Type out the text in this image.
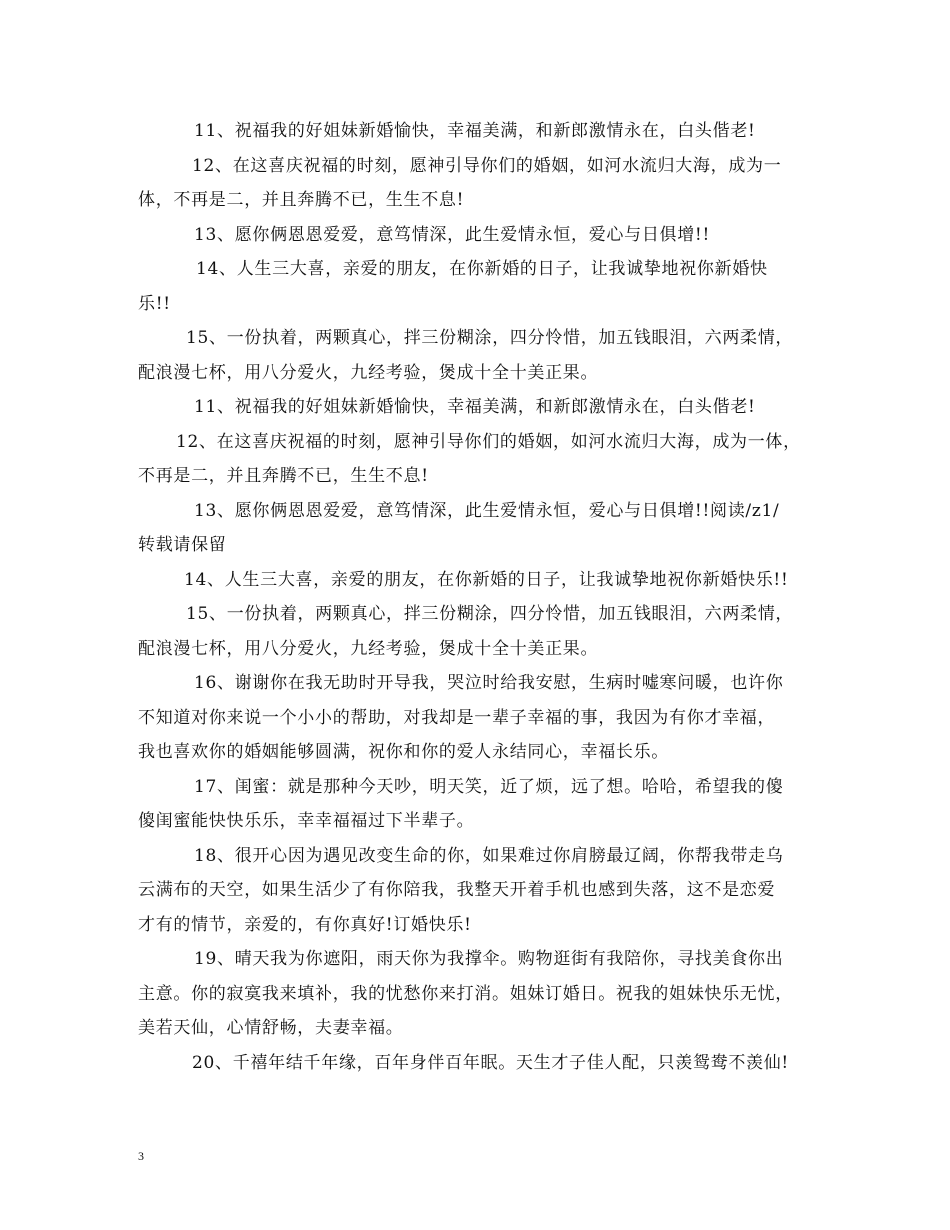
11、祝福我的好姐妹新婚愉快，幸福美满，和新郎激情永在，白头偕老!

12、在这喜庆祝福的时刻，愿神引导你们的婚姻，如河水流归大海，成为一

体，不再是二，并且奔腾不已，生生不息!

13、愿你俩恩恩爱爱，意笃情深，此生爱情永恒，爱心与日俱增!!

14、人生三大喜，亲爱的朋友，在你新婚的日子，让我诚挚地祝你新婚快

乐!!

15、一份执着，两颗真心，拌三份糊涂，四分怜惜，加五钱眼泪，六两柔情，

配浪漫七杯，用八分爱火，九经考验，煲成十全十美正果。

11、祝福我的好姐妹新婚愉快，幸福美满，和新郎激情永在，白头偕老!

12、在这喜庆祝福的时刻，愿神引导你们的婚姻，如河水流归大海，成为一体，

不再是二，并且奔腾不已，生生不息!

13、愿你俩恩恩爱爱，意笃情深，此生爱情永恒，爱心与日俱增!!阅读/z1/

转载请保留

14、人生三大喜，亲爱的朋友，在你新婚的日子，让我诚挚地祝你新婚快乐!!

15、一份执着，两颗真心，拌三份糊涂，四分怜惜，加五钱眼泪，六两柔情，

配浪漫七杯，用八分爱火，九经考验，煲成十全十美正果。

16、谢谢你在我无助时开导我，哭泣时给我安慰，生病时嘘寒问暖，也许你

不知道对你来说一个小小的帮助，对我却是一辈子幸福的事，我因为有你才幸福，

我也喜欢你的婚姻能够圆满，祝你和你的爱人永结同心，幸福长乐。

17、闺蜜：就是那种今天吵，明天笑，近了烦，远了想。哈哈，希望我的傻

傻闺蜜能快快乐乐，幸幸福福过下半辈子。

18、很开心因为遇见改变生命的你，如果难过你肩膀最辽阔，你帮我带走乌

云满布的天空，如果生活少了有你陪我，我整天开着手机也感到失落，这不是恋爱

才有的情节，亲爱的，有你真好!订婚快乐!

19、晴天我为你遮阳，雨天你为我撑伞。购物逛街有我陪你，寻找美食你出

主意。你的寂寞我来填补，我的忧愁你来打消。姐妹订婚日。祝我的姐妹快乐无忧，

美若天仙，心情舒畅，夫妻幸福。

20、千禧年结千年缘，百年身伴百年眠。天生才子佳人配，只羡鸳鸯不羡仙!

3
